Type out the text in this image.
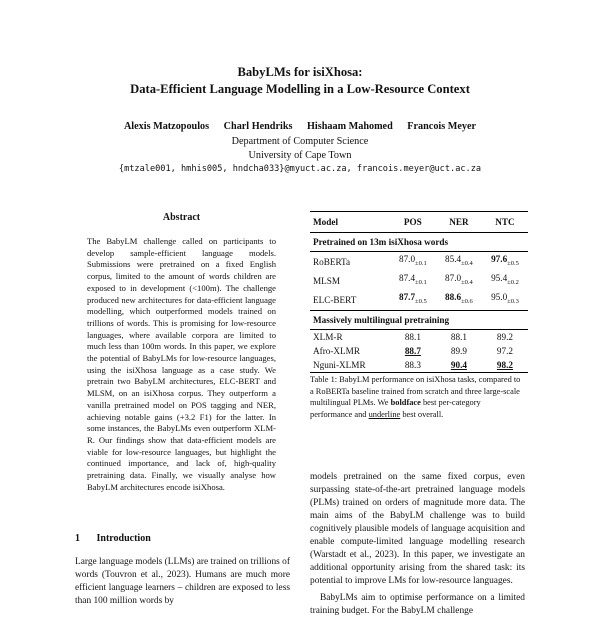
BabyLMs for isiXhosa:
Data-Efficient Language Modelling in a Low-Resource Context
Alexis Matzopoulos Charl Hendriks Hishaam Mahomed Francois Meyer
Department of Computer Science
University of Cape Town
{mtzale001, hmhis005, hndcha033}@myuct.ac.za, francois.meyer@uct.ac.za
Abstract
The BabyLM challenge called on participants to develop sample-efficient language models. Submissions were pretrained on a fixed English corpus, limited to the amount of words children are exposed to in development (<100m). The challenge produced new architectures for data-efficient language modelling, which outperformed models trained on trillions of words. This is promising for low-resource languages, where available corpora are limited to much less than 100m words. In this paper, we explore the potential of BabyLMs for low-resource languages, using the isiXhosa language as a case study. We pretrain two BabyLM architectures, ELC-BERT and MLSM, on an isiXhosa corpus. They outperform a vanilla pretrained model on POS tagging and NER, achieving notable gains (+3.2 F1) for the latter. In some instances, the BabyLMs even outperform XLM-R. Our findings show that data-efficient models are viable for low-resource languages, but highlight the continued importance, and lack of, high-quality pretraining data. Finally, we visually analyse how BabyLM architectures encode isiXhosa.
1 Introduction
Large language models (LLMs) are trained on trillions of words (Touvron et al., 2023). Humans are much more efficient language learners – children are exposed to less than 100 million words by
Model	POS	NER	NTC
Pretrained on 13m isiXhosa words			
RoBERTa	$87.0_{\pm 0.1}$	$85.4_{\pm 0.4}$	$97.6_{\pm 0.5}$
MLSM	$87.4_{\pm 0.1}$	$87.0_{\pm 0.4}$	$95.4_{\pm 0.2}$
ELC-BERT	$87.7_{\pm 0.5}$	$88.6_{\pm 0.6}$	$95.0_{\pm 0.3}$
Massively multilingual pretraining			
XLM-R	88.1	88.1	89.2
Afro-XLMR	88.7	89.9	97.2
Nguni-XLMR	88.3	90.4	98.2
Table 1: BabyLM performance on isiXhosa tasks, compared to a RoBERTa baseline trained from scratch and three large-scale multilingual PLMs. We boldface best per-category performance and underline best overall.

models pretrained on the same fixed corpus, even surpassing state-of-the-art pretrained language models (PLMs) trained on orders of magnitude more data. The main aims of the BabyLM challenge was to build cognitively plausible models of language acquisition and enable compute-limited language modelling research (Warstadt et al., 2023). In this paper, we investigate an additional opportunity arising from the shared task: its potential to improve LMs for low-resource languages.

BabyLMs aim to optimise performance on a limited training budget. For the BabyLM challenge
